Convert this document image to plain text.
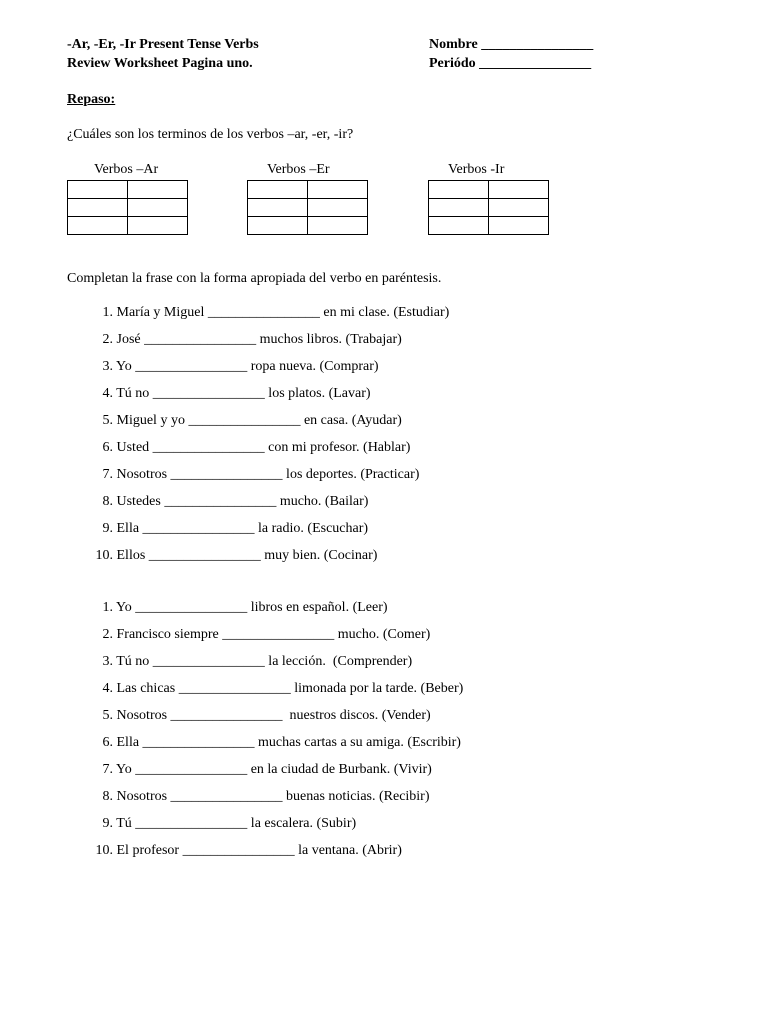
-Ar, -Er, -Ir Present Tense Verbs
Review Worksheet Pagina uno.
Nombre ________________
Periódo ________________
Repaso:
¿Cuáles son los terminos de los verbos –ar, -er, -ir?
Verbos –Ar	Verbos –Er	Verbos -Ir

Completan la frase con la forma apropiada del verbo en paréntesis.
1. María y Miguel ________________ en mi clase. (Estudiar)
2. José ________________ muchos libros. (Trabajar)
3. Yo ________________ ropa nueva. (Comprar)
4. Tú no ________________ los platos. (Lavar)
5. Miguel y yo ________________ en casa. (Ayudar)
6. Usted ________________ con mi profesor. (Hablar)
7. Nosotros ________________ los deportes. (Practicar)
8. Ustedes ________________ mucho. (Bailar)
9. Ella ________________ la radio. (Escuchar)
10. Ellos ________________ muy bien. (Cocinar)
1. Yo ________________ libros en español. (Leer)
2. Francisco siempre ________________ mucho. (Comer)
3. Tú no ________________ la lección.  (Comprender)
4. Las chicas ________________ limonada por la tarde. (Beber)
5. Nosotros ________________  nuestros discos. (Vender)
6. Ella ________________ muchas cartas a su amiga. (Escribir)
7. Yo ________________ en la ciudad de Burbank. (Vivir)
8. Nosotros ________________ buenas noticias. (Recibir)
9. Tú ________________ la escalera. (Subir)
10. El profesor ________________ la ventana. (Abrir)
